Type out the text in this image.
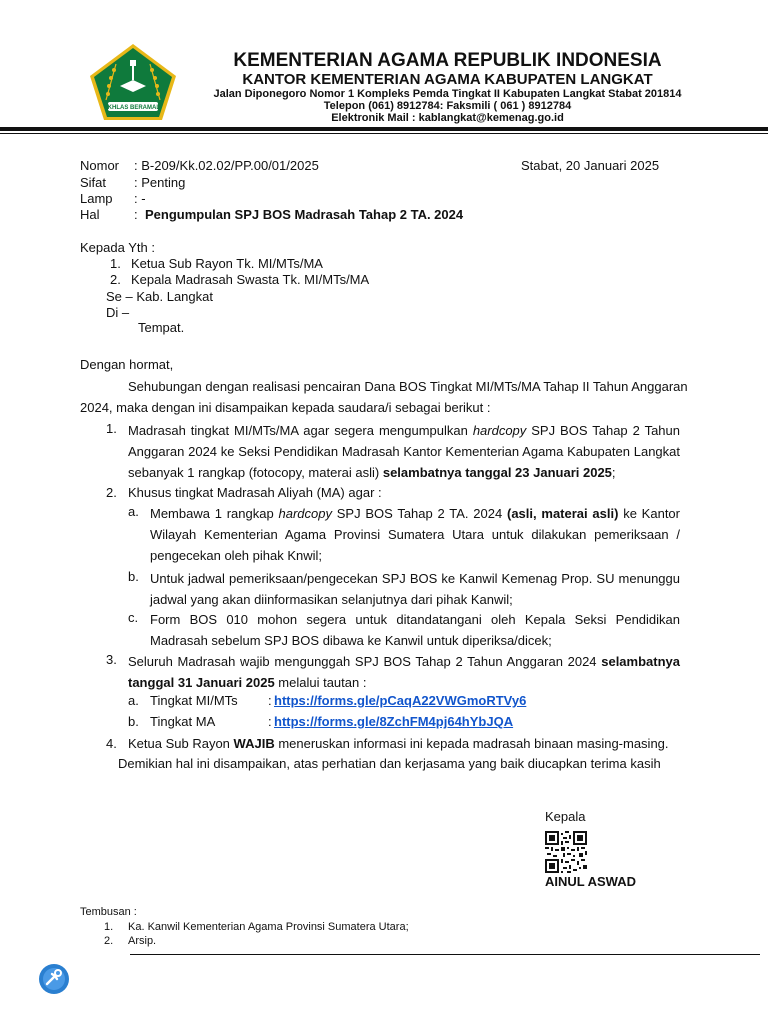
IKHLAS BERAMAL
KEMENTERIAN AGAMA REPUBLIK INDONESIA
KANTOR KEMENTERIAN AGAMA KABUPATEN LANGKAT
Jalan Diponegoro Nomor 1 Kompleks Pemda Tingkat II Kabupaten Langkat Stabat 201814
Telepon (061) 8912784: Faksmili ( 061 ) 8912784
Elektronik Mail : kablangkat@kemenag.go.id
Nomor : B-209/Kk.02.02/PP.00/01/2025	Stabat, 20 Januari 2025
Sifat : Penting
Lamp : -
Hal	: Pengumpulan SPJ BOS Madrasah Tahap 2 TA. 2024
Kepada Yth :
1. Ketua Sub Rayon Tk. MI/MTs/MA
2. Kepala Madrasah Swasta Tk. MI/MTs/MA
Se – Kab. Langkat
Di –
Tempat.
Dengan hormat,
Sehubungan dengan realisasi pencairan Dana BOS Tingkat MI/MTs/MA Tahap II Tahun Anggaran
2024, maka dengan ini disampaikan kepada saudara/i sebagai berikut :
1. Madrasah tingkat MI/MTs/MA agar segera mengumpulkan hardcopy SPJ BOS Tahap 2 Tahun Anggaran 2024 ke Seksi Pendidikan Madrasah Kantor Kementerian Agama Kabupaten Langkat sebanyak 1 rangkap (fotocopy, materai asli) selambatnya tanggal 23 Januari 2025;
2. Khusus tingkat Madrasah Aliyah (MA) agar :
a. Membawa 1 rangkap hardcopy SPJ BOS Tahap 2 TA. 2024 (asli, materai asli) ke Kantor Wilayah Kementerian Agama Provinsi Sumatera Utara untuk dilakukan pemeriksaan / pengecekan oleh pihak Knwil;
b. Untuk jadwal pemeriksaan/pengecekan SPJ BOS ke Kanwil Kemenag Prop. SU menunggu jadwal yang akan diinformasikan selanjutnya dari pihak Kanwil;
c. Form BOS 010 mohon segera untuk ditandatangani oleh Kepala Seksi Pendidikan Madrasah sebelum SPJ BOS dibawa ke Kanwil untuk diperiksa/dicek;
3. Seluruh Madrasah wajib mengunggah SPJ BOS Tahap 2 Tahun Anggaran 2024 selambatnya tanggal 31 Januari 2025 melalui tautan :
a. Tingkat MI/MTs : https://forms.gle/pCaqA22VWGmoRTVy6
b. Tingkat MA	: https://forms.gle/8ZchFM4pj64hYbJQA
4. Ketua Sub Rayon WAJIB meneruskan informasi ini kepada madrasah binaan masing-masing.
Demikian hal ini disampaikan, atas perhatian dan kerjasama yang baik diucapkan terima kasih
Kepala
AINUL ASWAD
Tembusan :
1. Ka. Kanwil Kementerian Agama Provinsi Sumatera Utara;
2. Arsip.
